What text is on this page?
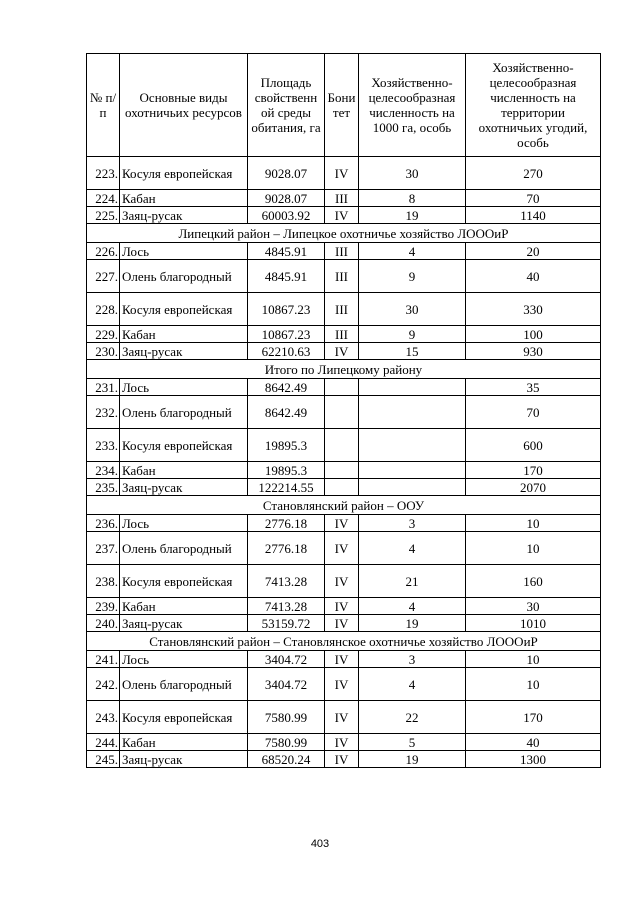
№ п/п	Основные виды охотничьих ресурсов	Площадь свойственн ой среды обитания, га	Бони тет	Хозяйственно-целесообразная численность на 1000 га, особь	Хозяйственно-целесообразная численность на территории охотничьих угодий, особь
223.	Косуля европейская	9028.07	IV	30	270
224.	Кабан	9028.07	III	8	70
225.	Заяц-русак	60003.92	IV	19	1140
Липецкий район – Липецкое охотничье хозяйство ЛОООиР					
226.	Лось	4845.91	III	4	20
227.	Олень благородный	4845.91	III	9	40
228.	Косуля европейская	10867.23	III	30	330
229.	Кабан	10867.23	III	9	100
230.	Заяц-русак	62210.63	IV	15	930
Итого по Липецкому району					
231.	Лось	8642.49			35
232.	Олень благородный	8642.49			70
233.	Косуля европейская	19895.3			600
234.	Кабан	19895.3			170
235.	Заяц-русак	122214.55			2070
Становлянский район – ООУ					
236.	Лось	2776.18	IV	3	10
237.	Олень благородный	2776.18	IV	4	10
238.	Косуля европейская	7413.28	IV	21	160
239.	Кабан	7413.28	IV	4	30
240.	Заяц-русак	53159.72	IV	19	1010
Становлянский район – Становлянское охотничье хозяйство ЛОООиР					
241.	Лось	3404.72	IV	3	10
242.	Олень благородный	3404.72	IV	4	10
243.	Косуля европейская	7580.99	IV	22	170
244.	Кабан	7580.99	IV	5	40
245.	Заяц-русак	68520.24	IV	19	1300
403
